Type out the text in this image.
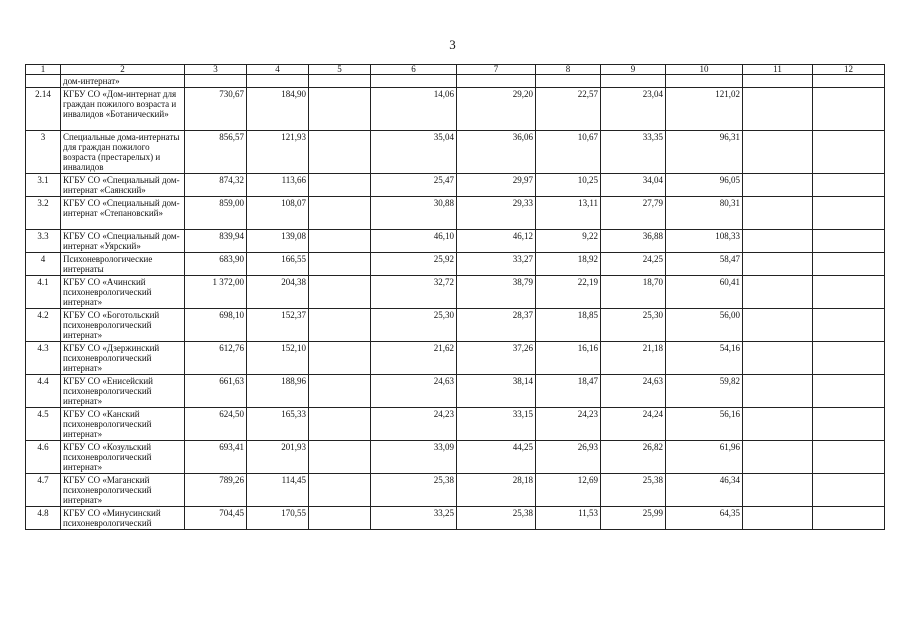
3
1	2	3	4	5	6	7	8	9	10	11	12
	дом-интернат»										
2.14	КГБУ СО «Дом-интернат для граждан пожилого возраста и инвалидов «Ботанический»	730,67	184,90		14,06	29,20	22,57	23,04	121,02		
3	Специальные дома-интернаты для граждан пожилого возраста (престарелых) и инвалидов	856,57	121,93		35,04	36,06	10,67	33,35	96,31		
3.1	КГБУ СО «Специальный дом-интернат «Саянский»	874,32	113,66		25,47	29,97	10,25	34,04	96,05		
3.2	КГБУ СО «Специальный дом-интернат «Степановский»	859,00	108,07		30,88	29,33	13,11	27,79	80,31		
3.3	КГБУ СО «Специальный дом-интернат «Уярский»	839,94	139,08		46,10	46,12	9,22	36,88	108,33		
4	Психоневрологические интернаты	683,90	166,55		25,92	33,27	18,92	24,25	58,47		
4.1	КГБУ СО «Ачинский психоневрологический интернат»	1 372,00	204,38		32,72	38,79	22,19	18,70	60,41		
4.2	КГБУ СО «Боготольский психоневрологический интернат»	698,10	152,37		25,30	28,37	18,85	25,30	56,00		
4.3	КГБУ СО «Дзержинский психоневрологический интернат»	612,76	152,10		21,62	37,26	16,16	21,18	54,16		
4.4	КГБУ СО «Енисейский психоневрологический интернат»	661,63	188,96		24,63	38,14	18,47	24,63	59,82		
4.5	КГБУ СО «Канский психоневрологический интернат»	624,50	165,33		24,23	33,15	24,23	24,24	56,16		
4.6	КГБУ СО «Козульский психоневрологический интернат»	693,41	201,93		33,09	44,25	26,93	26,82	61,96		
4.7	КГБУ СО «Маганский психоневрологический интернат»	789,26	114,45		25,38	28,18	12,69	25,38	46,34		
4.8	КГБУ СО «Минусинский психоневрологический	704,45	170,55		33,25	25,38	11,53	25,99	64,35		
